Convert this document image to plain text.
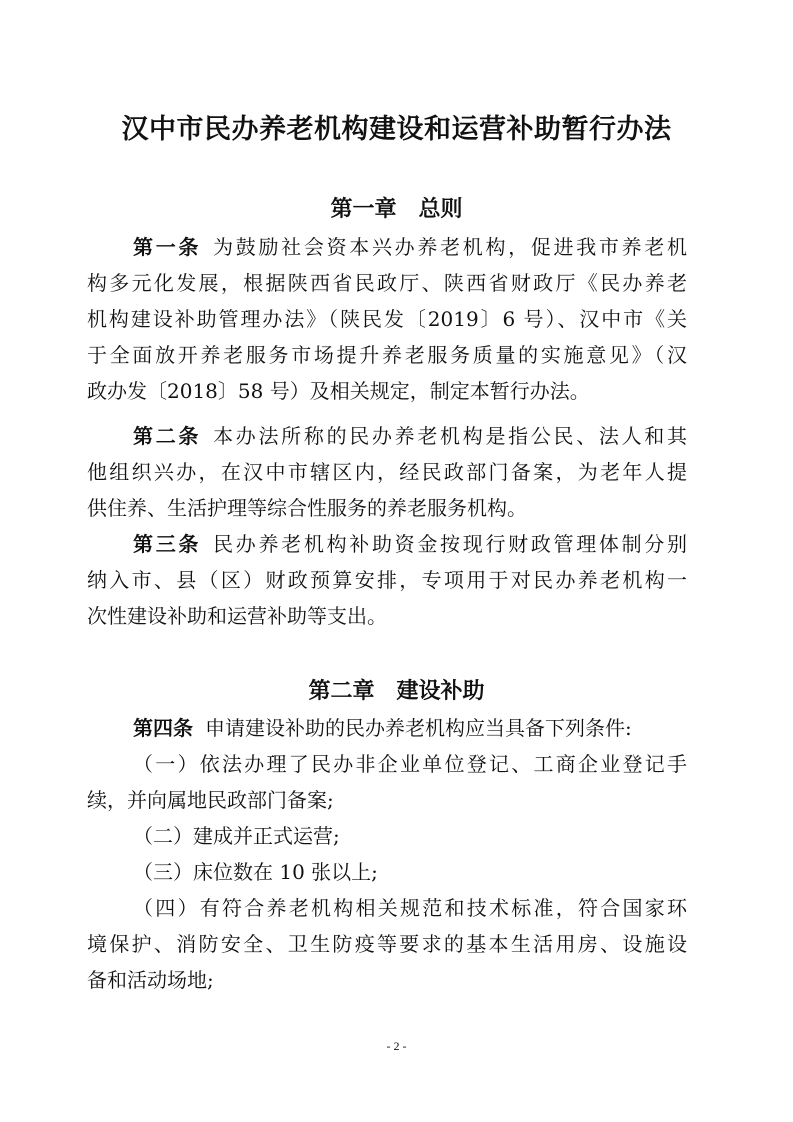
汉中市民办养老机构建设和运营补助暂行办法
第一章　总则
第一条 为鼓励社会资本兴办养老机构，促进我市养老机
构多元化发展，根据陕西省民政厅、陕西省财政厅《民办养老
机构建设补助管理办法》（陕民发〔2019〕6 号）、汉中市《关
于全面放开养老服务市场提升养老服务质量的实施意见》（汉
政办发〔2018〕58 号）及相关规定，制定本暂行办法。
第二条 本办法所称的民办养老机构是指公民、法人和其
他组织兴办，在汉中市辖区内，经民政部门备案，为老年人提
供住养、生活护理等综合性服务的养老服务机构。
第三条 民办养老机构补助资金按现行财政管理体制分别
纳入市、县（区）财政预算安排，专项用于对民办养老机构一
次性建设补助和运营补助等支出。
第二章　建设补助
第四条 申请建设补助的民办养老机构应当具备下列条件:
（一）依法办理了民办非企业单位登记、工商企业登记手
续，并向属地民政部门备案;
（二）建成并正式运营;
（三）床位数在 10 张以上;
（四）有符合养老机构相关规范和技术标准，符合国家环
境保护、消防安全、卫生防疫等要求的基本生活用房、设施设
备和活动场地;
- 2 -
